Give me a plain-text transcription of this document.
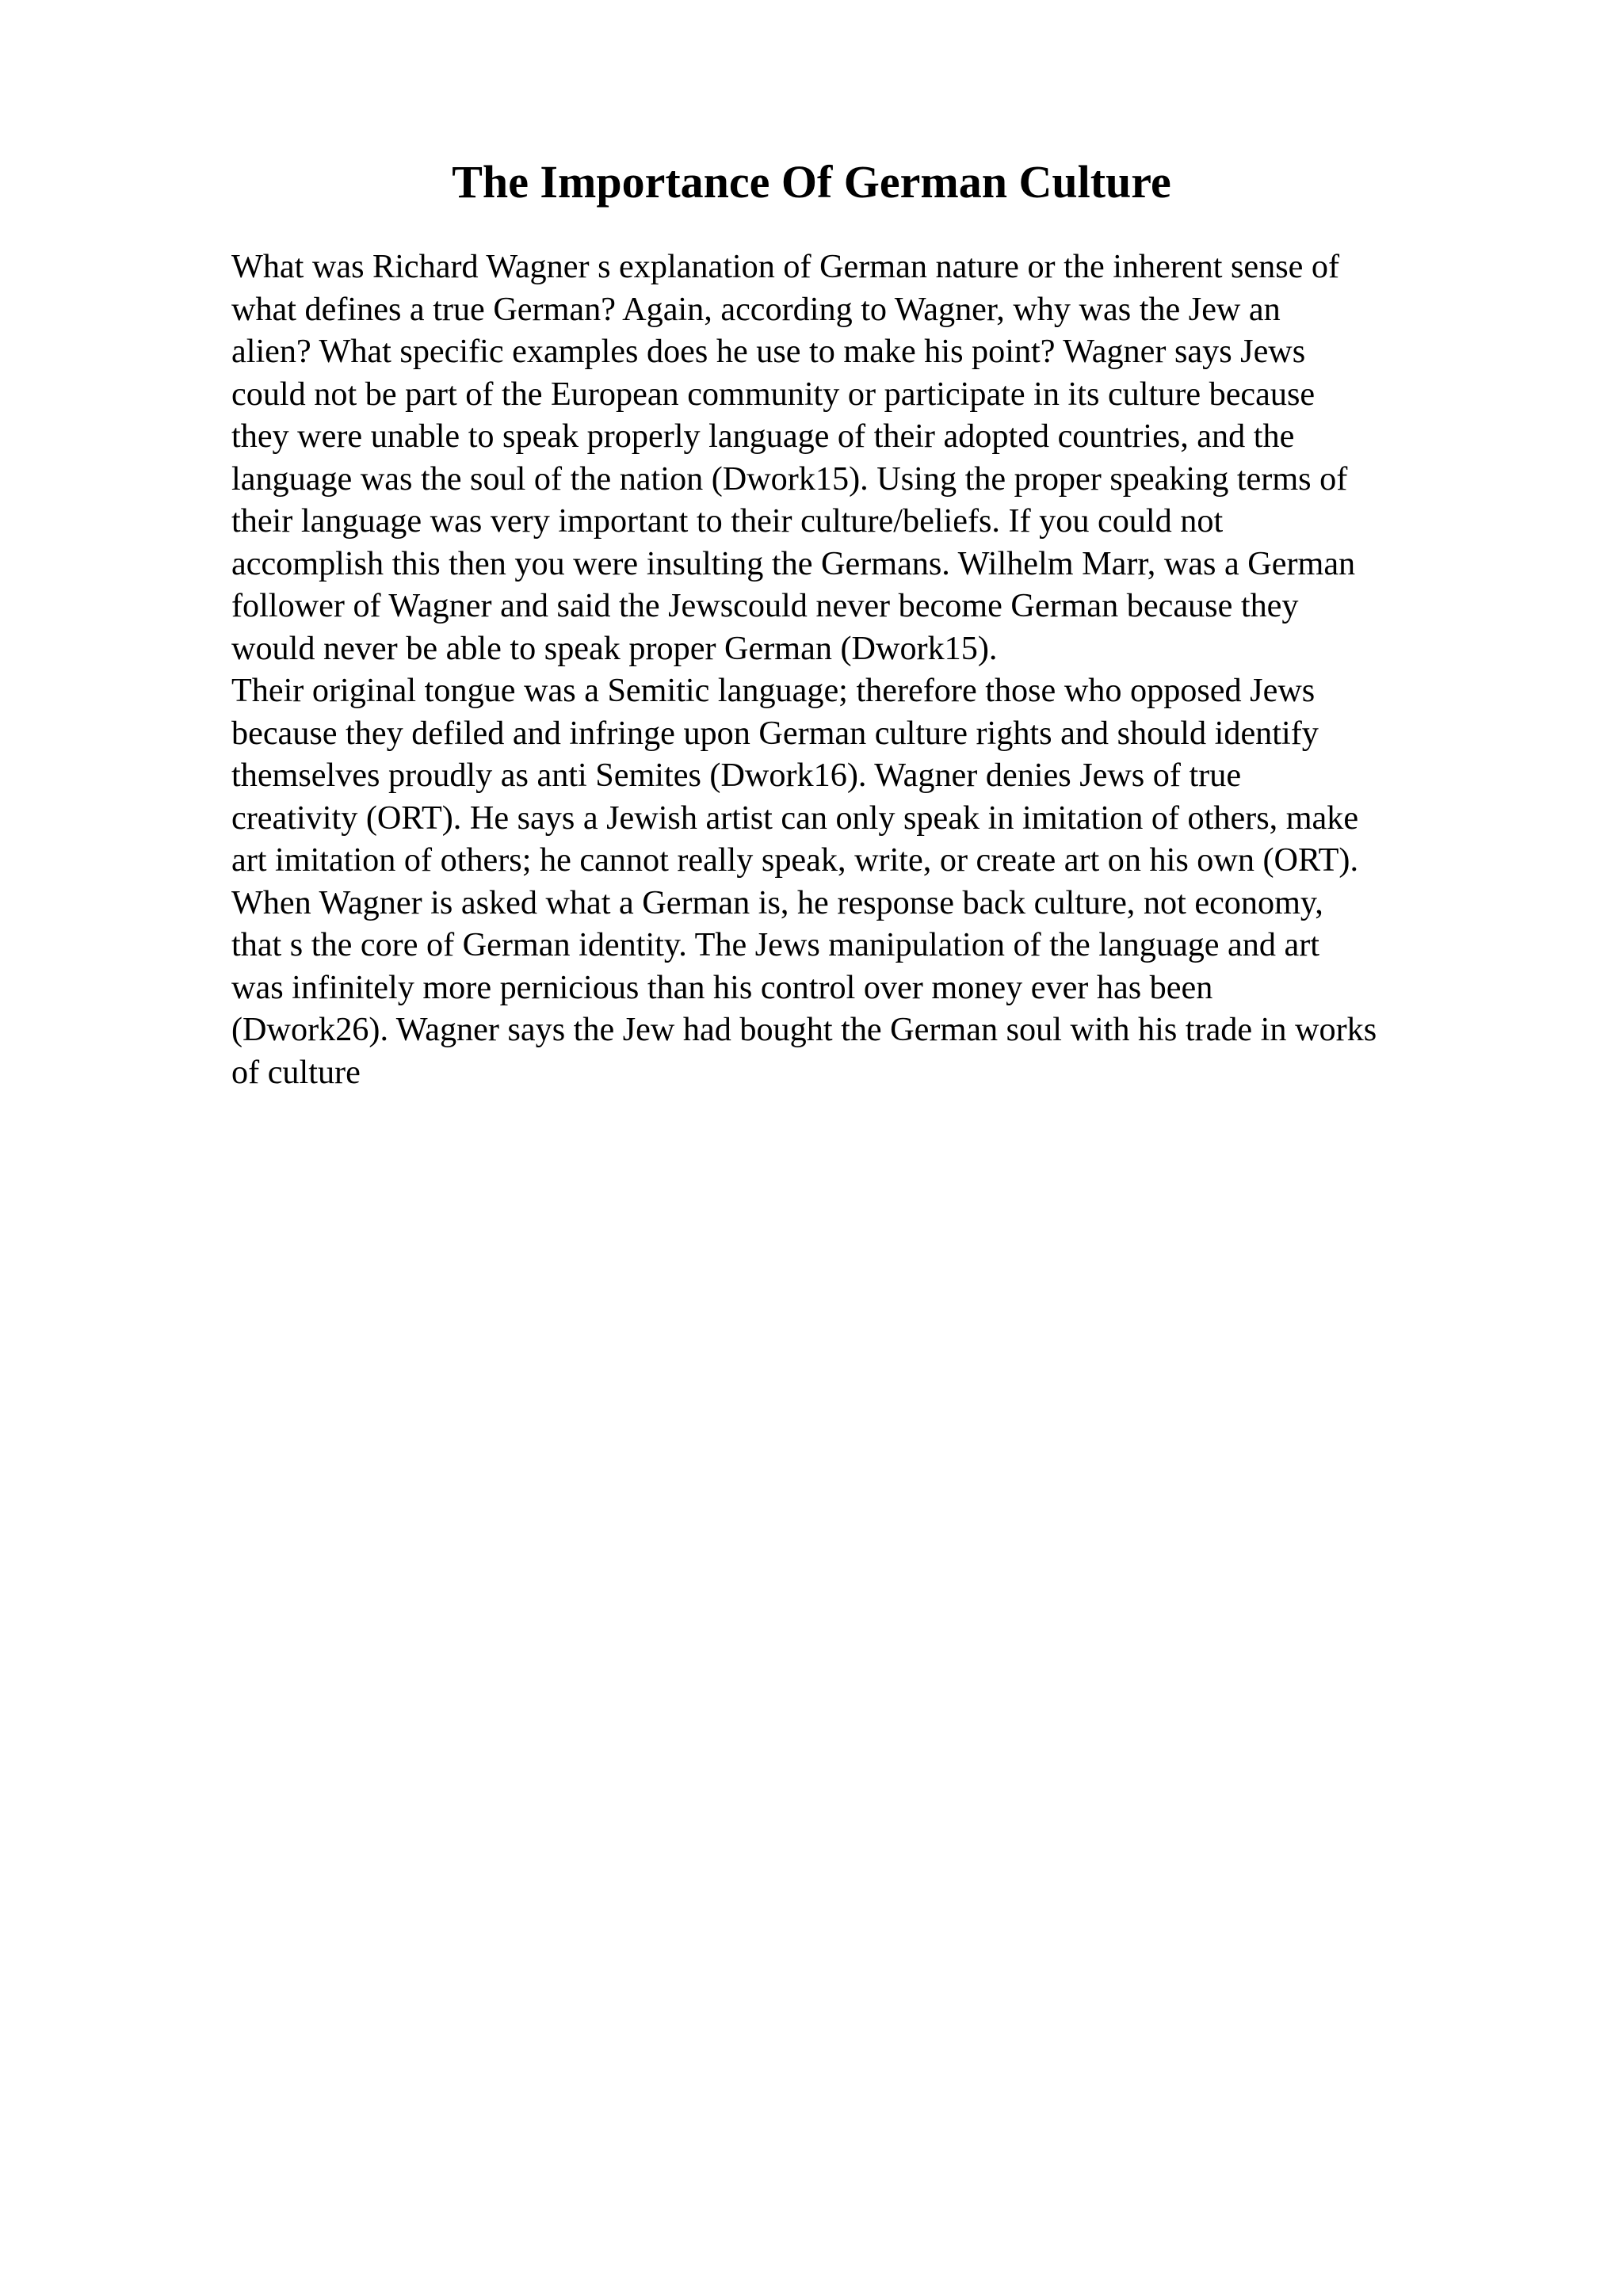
The Importance Of German Culture
What was Richard Wagner s explanation of German nature or the inherent sense of
what defines a true German? Again, according to Wagner, why was the Jew an
alien? What specific examples does he use to make his point? Wagner says Jews
could not be part of the European community or participate in its culture because
they were unable to speak properly language of their adopted countries, and the
language was the soul of the nation (Dwork15). Using the proper speaking terms of
their language was very important to their culture/beliefs. If you could not
accomplish this then you were insulting the Germans. Wilhelm Marr, was a German
follower of Wagner and said the Jewscould never become German because they
would never be able to speak proper German (Dwork15).
Their original tongue was a Semitic language; therefore those who opposed Jews
because they defiled and infringe upon German culture rights and should identify
themselves proudly as anti Semites (Dwork16). Wagner denies Jews of true
creativity (ORT). He says a Jewish artist can only speak in imitation of others, make
art imitation of others; he cannot really speak, write, or create art on his own (ORT).
When Wagner is asked what a German is, he response back culture, not economy,
that s the core of German identity. The Jews manipulation of the language and art
was infinitely more pernicious than his control over money ever has been
(Dwork26). Wagner says the Jew had bought the German soul with his trade in works
of culture
